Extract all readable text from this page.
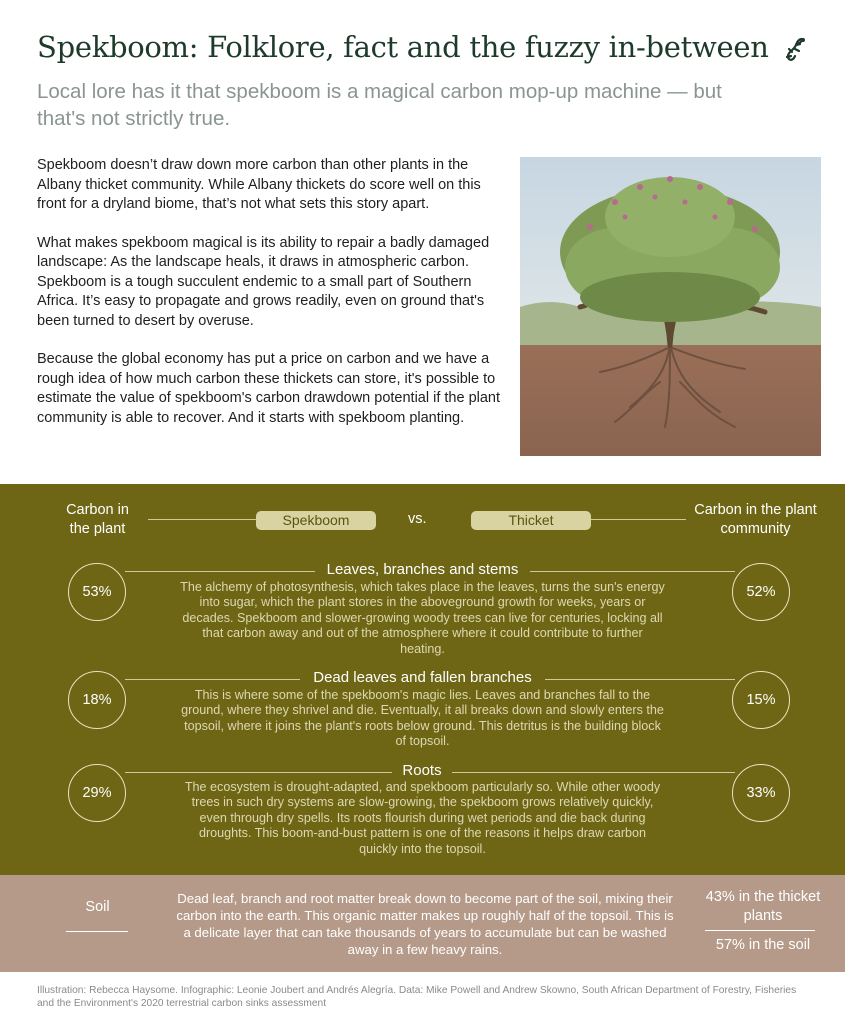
Spekboom: Folklore, fact and the fuzzy in-between
Local lore has it that spekboom is a magical carbon mop-up machine — but that's not strictly true.

Spekboom doesn’t draw down more carbon than other plants in the Albany thicket community. While Albany thickets do score well on this front for a dryland biome, that’s not what sets this story apart.

What makes spekboom magical is its ability to repair a badly damaged landscape: As the landscape heals, it draws in atmospheric carbon. Spekboom is a tough succulent endemic to a small part of Southern Africa. It’s easy to propagate and grows readily, even on ground that's been turned to desert by overuse.

Because the global economy has put a price on carbon and we have a rough idea of how much carbon these thickets can store, it's possible to estimate the value of spekboom's carbon drawdown potential if the plant community is able to recover. And it starts with spekboom planting.

Carbon in the plant
Carbon in the plant community
Spekboom	vs.	Thicket
Leaves, branches and stems
53%	52%
The alchemy of photosynthesis, which takes place in the leaves, turns the sun's energy into sugar, which the plant stores in the aboveground growth for weeks, years or decades. Spekboom and slower-growing woody trees can live for centuries, locking all that carbon away and out of the atmosphere where it could contribute to further heating.
Dead leaves and fallen branches
18%	15%
This is where some of the spekboom's magic lies. Leaves and branches fall to the ground, where they shrivel and die. Eventually, it all breaks down and slowly enters the topsoil, where it joins the plant's roots below ground. This detritus is the building block of topsoil.
Roots
29%	33%
The ecosystem is drought-adapted, and spekboom particularly so. While other woody trees in such dry systems are slow-growing, the spekboom grows relatively quickly, even through dry spells. Its roots flourish during wet periods and die back during droughts. This boom-and-bust pattern is one of the reasons it helps draw carbon quickly into the topsoil.
Soil
Dead leaf, branch and root matter break down to become part of the soil, mixing their carbon into the earth. This organic matter makes up roughly half of the topsoil. This is a delicate layer that can take thousands of years to accumulate but can be washed away in a few heavy rains.
43% in the thicket plants
57% in the soil
Illustration: Rebecca Haysome. Infographic: Leonie Joubert and Andrés Alegría. Data: Mike Powell and Andrew Skowno, South African Department of Forestry, Fisheries and the Environment's 2020 terrestrial carbon sinks assessment
